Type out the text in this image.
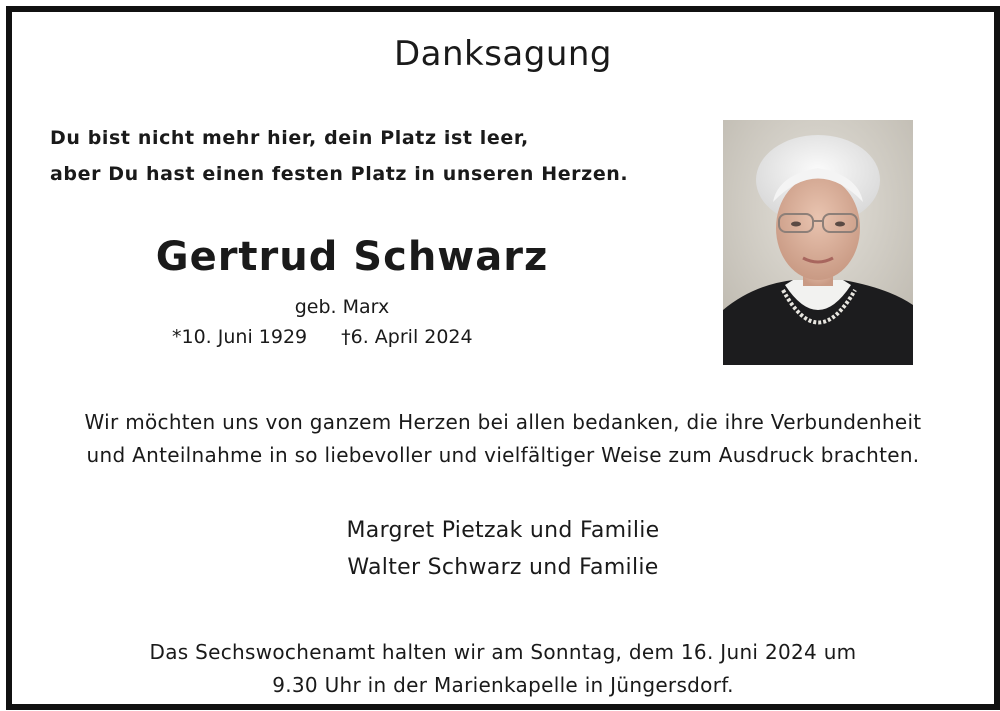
Danksagung
Du bist nicht mehr hier, dein Platz ist leer,
aber Du hast einen festen Platz in unseren Herzen.
Gertrud Schwarz
geb. Marx
*10. Juni 1929 †6. April 2024
Wir möchten uns von ganzem Herzen bei allen bedanken, die ihre Verbundenheit
und Anteilnahme in so liebevoller und vielfältiger Weise zum Ausdruck brachten.
Margret Pietzak und Familie
Walter Schwarz und Familie
Das Sechswochenamt halten wir am Sonntag, dem 16. Juni 2024 um
9.30 Uhr in der Marienkapelle in Jüngersdorf.
